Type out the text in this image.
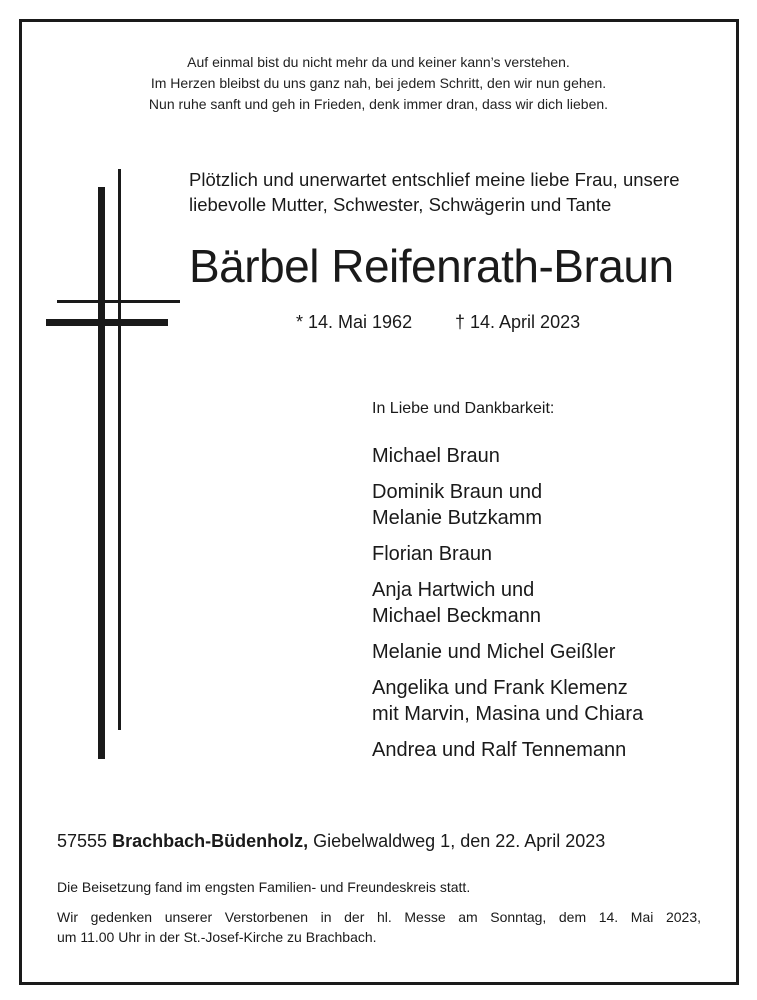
Auf einmal bist du nicht mehr da und keiner kann’s verstehen.
Im Herzen bleibst du uns ganz nah, bei jedem Schritt, den wir nun gehen.
Nun ruhe sanft und geh in Frieden, denk immer dran, dass wir dich lieben.
Plötzlich und unerwartet entschlief meine liebe Frau, unsere
liebevolle Mutter, Schwester, Schwägerin und Tante
Bärbel Reifenrath-Braun
* 14. Mai 1962 † 14. April 2023
In Liebe und Dankbarkeit:
Michael Braun
Dominik Braun und
Melanie Butzkamm
Florian Braun
Anja Hartwich und
Michael Beckmann
Melanie und Michel Geißler
Angelika und Frank Klemenz
mit Marvin, Masina und Chiara
Andrea und Ralf Tennemann
57555 Brachbach-Büdenholz, Giebelwaldweg 1, den 22. April 2023
Die Beisetzung fand im engsten Familien- und Freundeskreis statt.
Wir gedenken unserer Verstorbenen in der hl. Messe am Sonntag, dem 14. Mai 2023,
um 11.00 Uhr in der St.-Josef-Kirche zu Brachbach.
